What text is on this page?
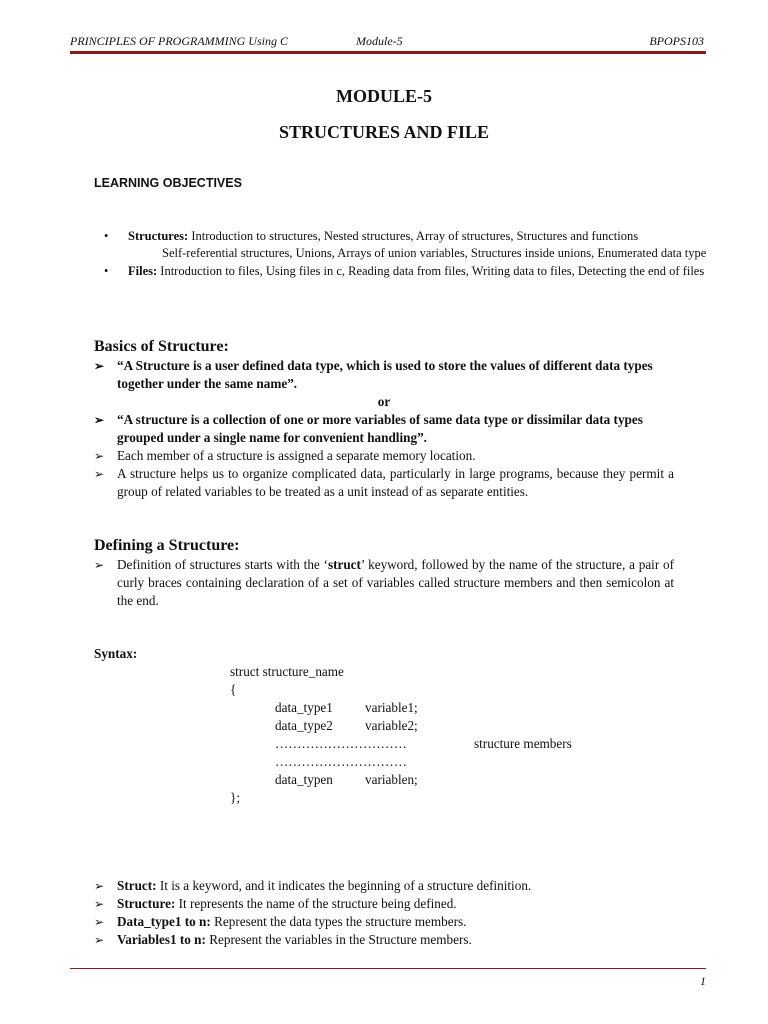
PRINCIPLES OF PROGRAMMING Using C	Module-5	BPOPS103
MODULE-5
STRUCTURES AND FILE
LEARNING OBJECTIVES
• Structures: Introduction to structures, Nested structures, Array of structures, Structures and functions
Self-referential structures, Unions, Arrays of union variables, Structures inside unions, Enumerated data type
• Files: Introduction to files, Using files in c, Reading data from files, Writing data to files, Detecting the end of files
Basics of Structure:
➢ “A Structure is a user defined data type, which is used to store the values of different data types together under the same name”.
or
➢ “A structure is a collection of one or more variables of same data type or dissimilar data types grouped under a single name for convenient handling”.
➢ Each member of a structure is assigned a separate memory location.
➢ A structure helps us to organize complicated data, particularly in large programs, because they permit a group of related variables to be treated as a unit instead of as separate entities.
Defining a Structure:
➢ Definition of structures starts with the ‘struct’ keyword, followed by the name of the structure, a pair of curly braces containing declaration of a set of variables called structure members and then semicolon at the end.
Syntax:
struct structure_name
{
data_type1 variable1;
data_type2 variable2;
…………………………	structure members
…………………………
data_typen variablen;
};
➢ Struct: It is a keyword, and it indicates the beginning of a structure definition.
➢ Structure: It represents the name of the structure being defined.
➢ Data_type1 to n: Represent the data types the structure members.
➢ Variables1 to n: Represent the variables in the Structure members.
1
